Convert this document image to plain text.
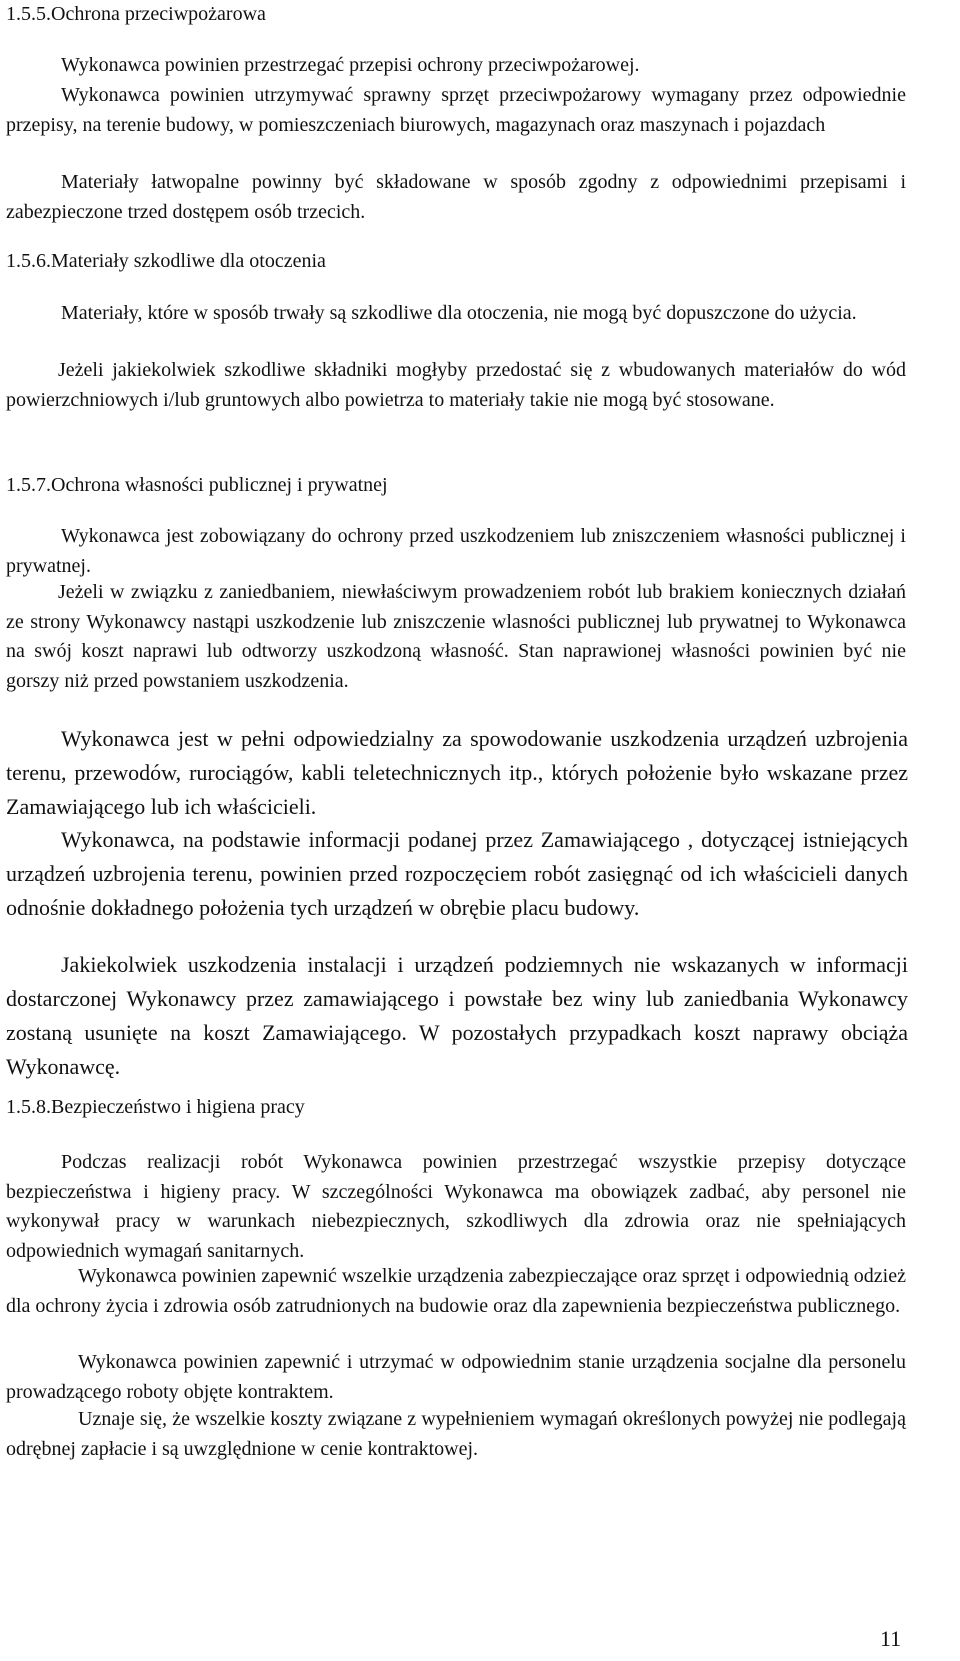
1.5.5.Ochrona przeciwpożarowa

Wykonawca powinien przestrzegać przepisi ochrony przeciwpożarowej.

Wykonawca powinien utrzymywać sprawny sprzęt przeciwpożarowy wymagany przez odpowiednie przepisy, na terenie budowy, w pomieszczeniach biurowych, magazynach oraz maszynach i pojazdach

Materiały łatwopalne powinny być składowane w sposób zgodny z odpowiednimi przepisami i zabezpieczone trzed dostępem osób trzecich.

1.5.6.Materiały szkodliwe dla otoczenia

Materiały, które w sposób trwały są szkodliwe dla otoczenia, nie mogą być dopuszczone do użycia.

Jeżeli jakiekolwiek szkodliwe składniki mogłyby przedostać się z wbudowanych materiałów do wód powierzchniowych i/lub gruntowych albo powietrza to materiały takie nie mogą być stosowane.

1.5.7.Ochrona własności publicznej i prywatnej

Wykonawca jest zobowiązany do ochrony przed uszkodzeniem lub zniszczeniem własności publicznej i prywatnej.

Jeżeli w związku z zaniedbaniem, niewłaściwym prowadzeniem robót lub brakiem koniecznych działań ze strony Wykonawcy nastąpi uszkodzenie lub zniszczenie wlasności publicznej lub prywatnej to Wykonawca na swój koszt naprawi lub odtworzy uszkodzoną własność. Stan naprawionej własności powinien być nie gorszy niż przed powstaniem uszkodzenia.

Wykonawca jest w pełni odpowiedzialny za spowodowanie uszkodzenia urządzeń uzbrojenia terenu, przewodów, rurociągów, kabli teletechnicznych itp., których położenie było wskazane przez Zamawiającego lub ich właścicieli.

Wykonawca, na podstawie informacji podanej przez Zamawiającego , dotyczącej istniejących urządzeń uzbrojenia terenu, powinien przed rozpoczęciem robót zasięgnąć od ich właścicieli danych odnośnie dokładnego położenia tych urządzeń w obrębie placu budowy.

Jakiekolwiek uszkodzenia instalacji i urządzeń podziemnych nie wskazanych w informacji dostarczonej Wykonawcy przez zamawiającego i powstałe bez winy lub zaniedbania Wykonawcy zostaną usunięte na koszt Zamawiającego. W pozostałych przypadkach koszt naprawy obciąża Wykonawcę.

1.5.8.Bezpieczeństwo i higiena pracy

Podczas realizacji robót Wykonawca powinien przestrzegać wszystkie przepisy dotyczące bezpieczeństwa i higieny pracy. W szczególności Wykonawca ma obowiązek zadbać, aby personel nie wykonywał pracy w warunkach niebezpiecznych, szkodliwych dla zdrowia oraz nie spełniających odpowiednich wymagań sanitarnych.

Wykonawca powinien zapewnić wszelkie urządzenia zabezpieczające oraz sprzęt i odpowiednią odzież dla ochrony życia i zdrowia osób zatrudnionych na budowie oraz dla zapewnienia bezpieczeństwa publicznego.

Wykonawca powinien zapewnić i utrzymać w odpowiednim stanie urządzenia socjalne dla personelu prowadzącego roboty objęte kontraktem.

Uznaje się, że wszelkie koszty związane z wypełnieniem wymagań określonych powyżej nie podlegają odrębnej zapłacie i są uwzględnione w cenie kontraktowej.

11
